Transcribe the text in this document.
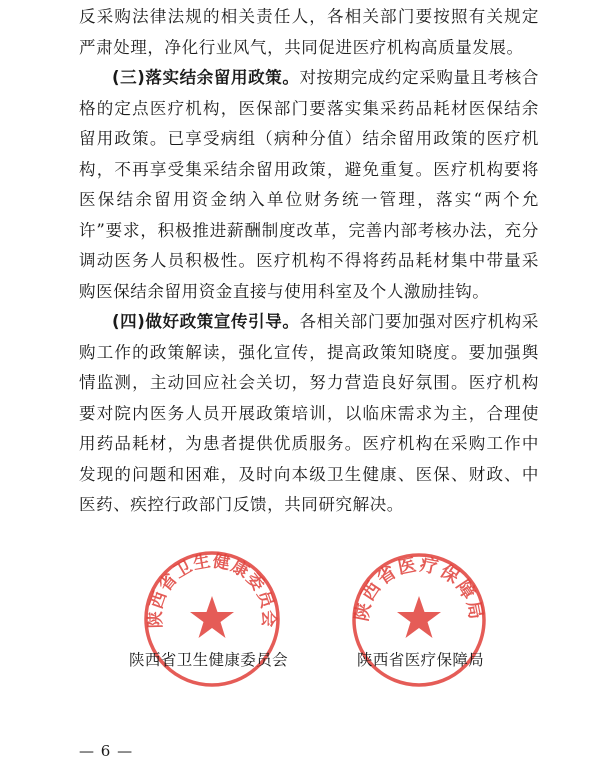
反采购法律法规的相关责任人，各相关部门要按照有关规定严肃处理，净化行业风气，共同促进医疗机构高质量发展。

(三)落实结余留用政策。对按期完成约定采购量且考核合格的定点医疗机构，医保部门要落实集采药品耗材医保结余留用政策。已享受病组（病种分值）结余留用政策的医疗机构，不再享受集采结余留用政策，避免重复。医疗机构要将医保结余留用资金纳入单位财务统一管理，落实“两个允许”要求，积极推进薪酬制度改革，完善内部考核办法，充分调动医务人员积极性。医疗机构不得将药品耗材集中带量采购医保结余留用资金直接与使用科室及个人激励挂钩。

(四)做好政策宣传引导。各相关部门要加强对医疗机构采购工作的政策解读，强化宣传，提高政策知晓度。要加强舆情监测，主动回应社会关切，努力营造良好氛围。医疗机构要对院内医务人员开展政策培训，以临床需求为主，合理使用药品耗材，为患者提供优质服务。医疗机构在采购工作中发现的问题和困难，及时向本级卫生健康、医保、财政、中医药、疾控行政部门反馈，共同研究解决。

陕西省卫生健康委员会	陕西省医疗保障局
陕西省卫生健康委员会	陕西省医疗保障局
— 6 —
